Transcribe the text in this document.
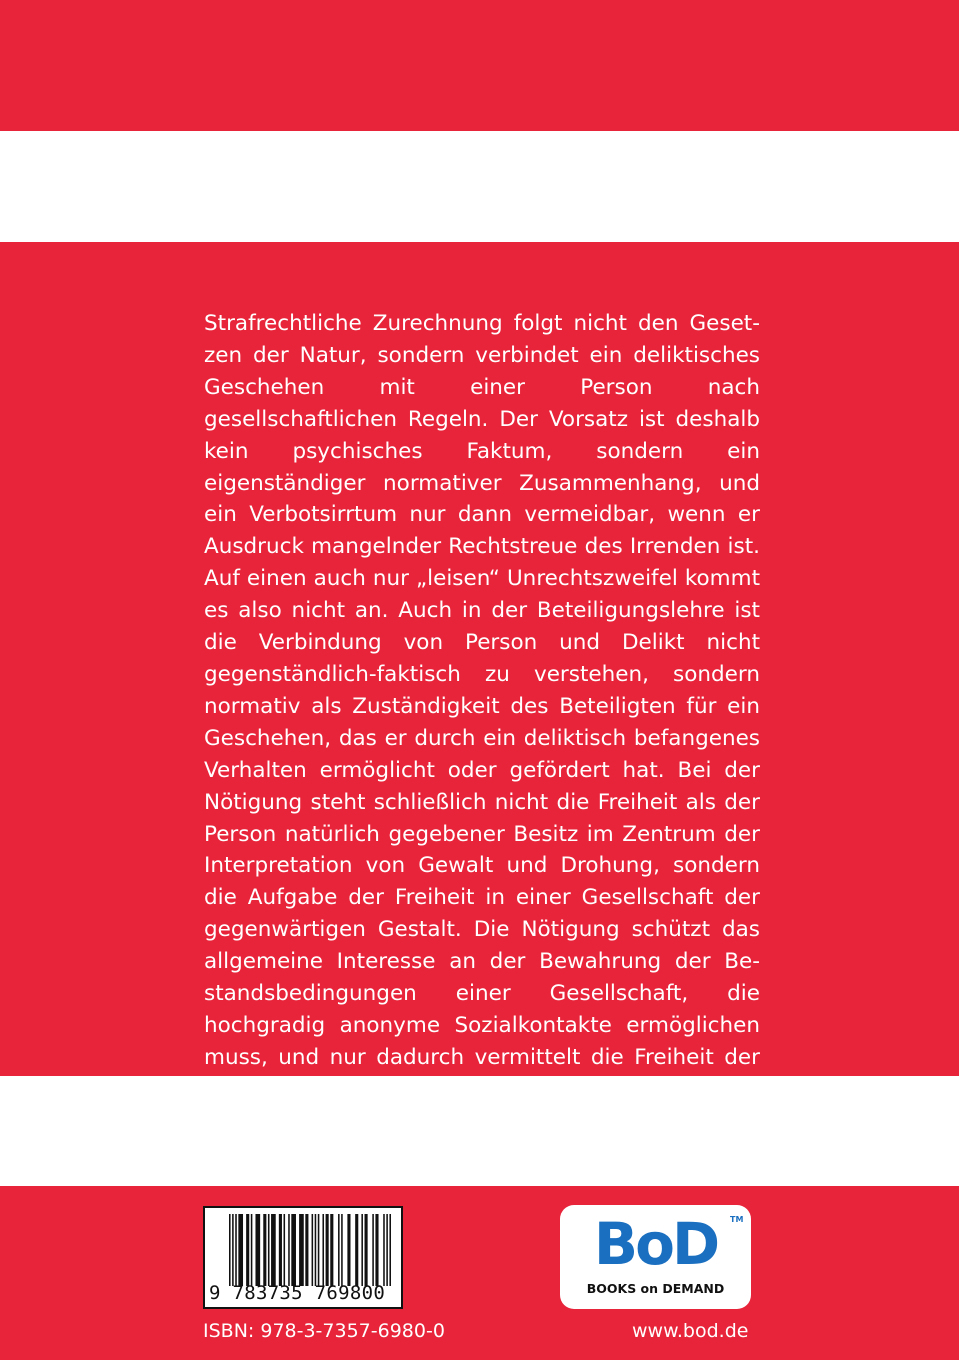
Strafrechtliche Zurechnung folgt nicht den Gesetzen der Natur, sondern verbindet ein deliktisches Geschehen mit einer Person nach gesellschaftlichen Regeln. Der Vorsatz ist deshalb kein psychisches Faktum, sondern ein eigenständiger normativer Zusammenhang, und ein Verbotsirrtum nur dann vermeidbar, wenn er Ausdruck mangelnder Rechtstreue des Irrenden ist. Auf einen auch nur „leisen“ Unrechtszweifel kommt es also nicht an. Auch in der Beteiligungslehre ist die Verbindung von Person und Delikt nicht gegenständlich-faktisch zu verstehen, sondern normativ als Zuständigkeit des Beteiligten für ein Geschehen, das er durch ein deliktisch befangenes Verhalten ermöglicht oder gefördert hat. Bei der Nötigung steht schließlich nicht die Freiheit als der Person natürlich gegebener Besitz im Zentrum der Interpretation von Gewalt und Drohung, sondern die Aufgabe der Freiheit in einer Gesellschaft der gegenwärtigen Gestalt. Die Nötigung schützt das allgemeine Interesse an der Bewahrung der Bestandsbedingungen einer Gesellschaft, die hochgradig anonyme Sozialkontakte ermöglichen muss, und nur dadurch vermittelt die Freiheit der

9 783735 769800
ISBN: 978-3-7357-6980-0
BoD	TM
BOOKS on DEMAND
www.bod.de
